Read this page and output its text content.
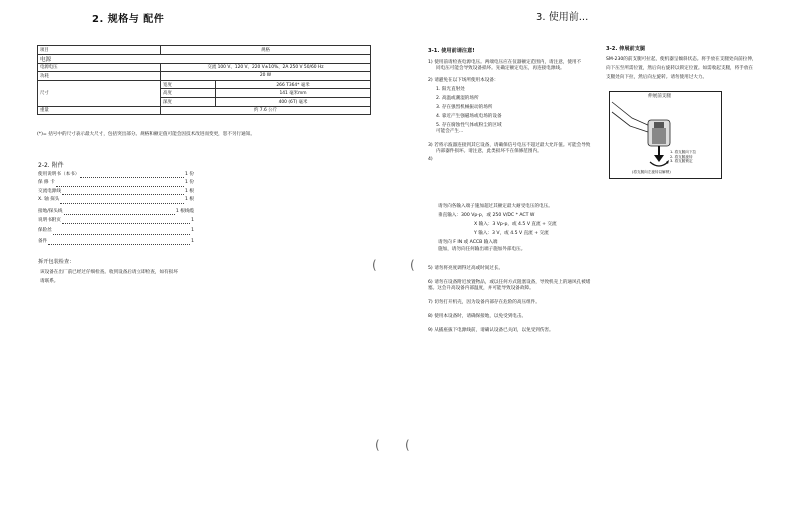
2. 规格与 配件
项目	规格	
电源		
电源电压	交流 100 V、120 V、220 V±10%、2A 250 V 50/60 Hz	
功耗	20 W	
尺寸	宽度	266 T364* 毫米
	高度	141 毫米mm
	深度	400 (6T) 毫米
重量	约 7.6 公斤	
(*)= 括号中的尺寸表示最大尺寸，包括突出部分。规格和额定值可能会因技术改进而变更，恕不另行通知。
2-2. 附件
使用说明书（本书）	1 份
保 修 卡	1 份
交流电源线	1 根
X. 轴 探头	1 根
接地/探头线	1 根线缆
说明书附页	1
保险丝	1
备件	1
拆开包装检查：
该设备在出厂前已经过仔细检查。收到设备后请立即检查，如有损坏
请联系。
(	(
( (
3. 使用前...
3-1. 使用前请注意!
1) 使用前请检查电源电压。两端电压应在仪器额定范围内，请注意，使用不
同电压可能会导致设备损坏。先确定额定电压，再连接电源线。
2) 请避免在以下场所使用本设备：
1. 阳光直射处
2. 高温或潮湿的场所
3. 存在强烈机械振动的场所
4. 靠近产生强磁场或电场的设备
5. 存在腐蚀性气体或粉尘的区域
可能会产生...
3) 若将示波器连接到其它设备，请确保信号电压不超过最大允许值。可能会导致
内部器件损坏。请注意，此类损坏不在保修范围内。
4)
请勿向各输入端子施加超过其额定最大耐受电压的电压。
垂直输入：300 Vp-p，或 250 V/DC * ACT W
X 输入：3 Vp-p，或 4.5 V 直流 + 交流
Y 输入：3 V，或 4.5 V 直流 + 交流
请勿向 F IN 或 ACCB 输入端
施加，请勿向任何输出端子施加外部电压。
5) 请勿将亮度调得过高或时间过长。
6) 请勿在设备附近放置物品，或以任何方式阻塞设备，导致机壳上的通风孔被堵塞。这会升高设备内部温度，并可能导致设备故障。
7) 切勿打开机壳，因为设备内部存在危险的高压组件。
8) 使用本设备时，请确保接地，以免受到电击。
9) 从插座拔下电源线前，请确认设备已关闭，以免受到伤害。
3-2. 伸展前支腿
SM-230的前支腿可拉起，使机器呈倾斜状态。将手放在支腿处向前拉伸，
向下压至所需位置，然后向右旋转以锁定位置。如需收起支腿，将手放在
支腿处向下拉，然后向左旋转。请勿使用过大力。
伸展前支腿
1. 将支腿向下拉
2. 将支腿旋转
3. 将支腿锁定
(将支腿向左旋转以解锁)
